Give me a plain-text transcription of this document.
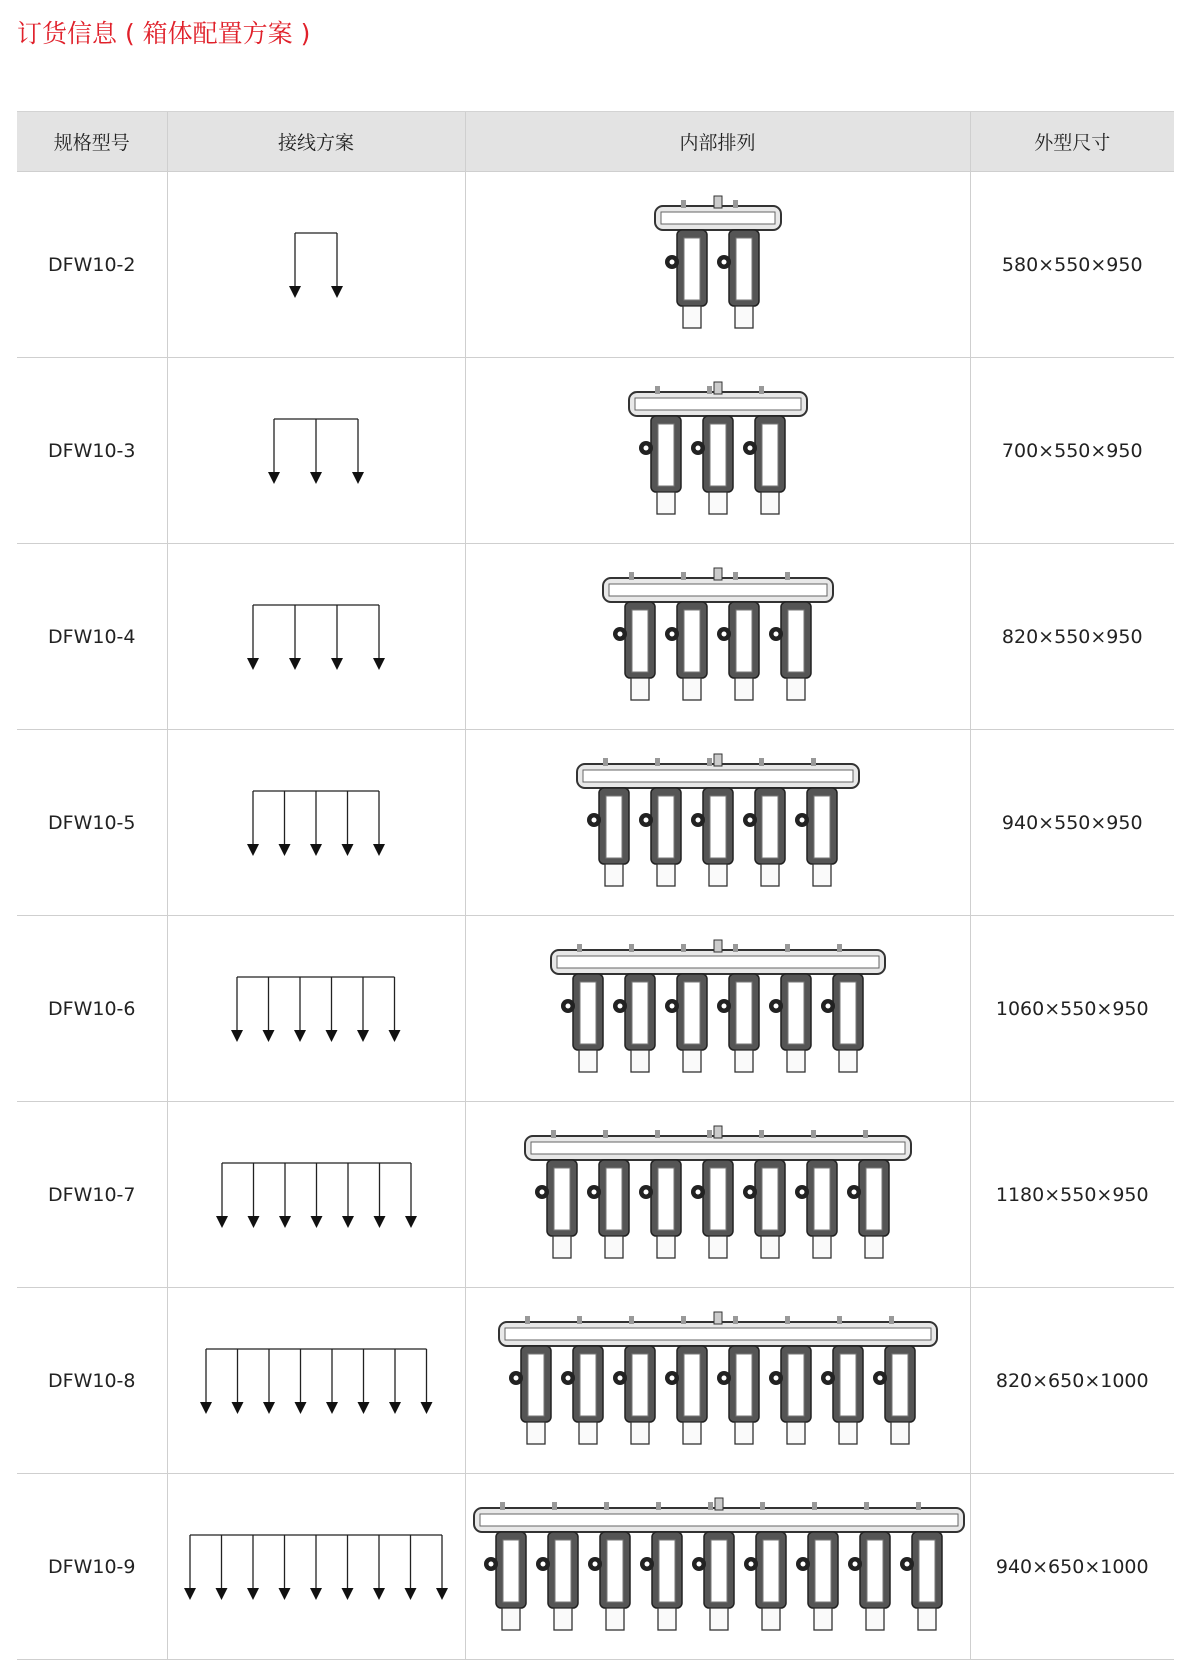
订货信息 ( 箱体配置方案 )
规格型号	接线方案	内部排列	外型尺寸
DFW10-2			580×550×950
DFW10-3			700×550×950
DFW10-4			820×550×950
DFW10-5			940×550×950
DFW10-6			1060×550×950
DFW10-7			1180×550×950
DFW10-8			820×650×1000
DFW10-9			940×650×1000
